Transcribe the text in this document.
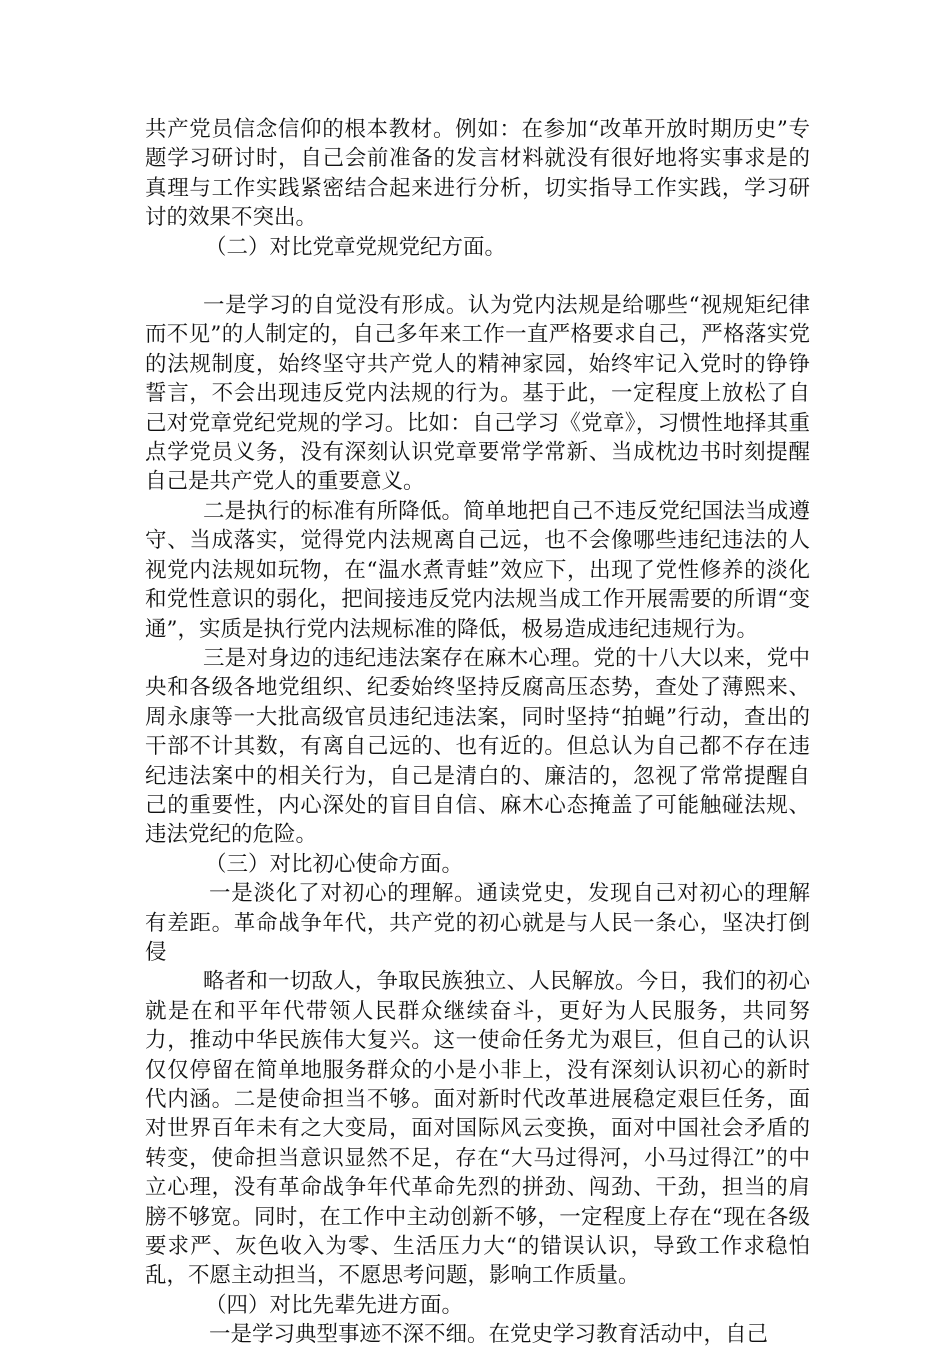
共产党员信念信仰的根本教材。例如：在参加“改革开放时期历史”专题学习研讨时，自己会前准备的发言材料就没有很好地将实事求是的真理与工作实践紧密结合起来进行分析，切实指导工作实践，学习研讨的效果不突出。

（二）对比党章党规党纪方面。

一是学习的自觉没有形成。认为党内法规是给哪些“视规矩纪律而不见”的人制定的，自己多年来工作一直严格要求自己，严格落实党的法规制度，始终坚守共产党人的精神家园，始终牢记入党时的铮铮誓言，不会出现违反党内法规的行为。基于此，一定程度上放松了自己对党章党纪党规的学习。比如：自己学习《党章》，习惯性地择其重点学党员义务，没有深刻认识党章要常学常新、当成枕边书时刻提醒自己是共产党人的重要意义。

二是执行的标准有所降低。简单地把自己不违反党纪国法当成遵守、当成落实，觉得党内法规离自己远，也不会像哪些违纪违法的人视党内法规如玩物，在“温水煮青蛙”效应下，出现了党性修养的淡化和党性意识的弱化，把间接违反党内法规当成工作开展需要的所谓“变通”，实质是执行党内法规标准的降低，极易造成违纪违规行为。

三是对身边的违纪违法案存在麻木心理。党的十八大以来，党中央和各级各地党组织、纪委始终坚持反腐高压态势，查处了薄熙来、周永康等一大批高级官员违纪违法案，同时坚持“拍蝇”行动，查出的干部不计其数，有离自己远的、也有近的。但总认为自己都不存在违纪违法案中的相关行为，自己是清白的、廉洁的，忽视了常常提醒自己的重要性，内心深处的盲目自信、麻木心态掩盖了可能触碰法规、违法党纪的危险。

（三）对比初心使命方面。

一是淡化了对初心的理解。通读党史，发现自己对初心的理解有差距。革命战争年代，共产党的初心就是与人民一条心，坚决打倒侵

略者和一切敌人，争取民族独立、人民解放。今日，我们的初心就是在和平年代带领人民群众继续奋斗，更好为人民服务，共同努力，推动中华民族伟大复兴。这一使命任务尤为艰巨，但自己的认识仅仅停留在简单地服务群众的小是小非上，没有深刻认识初心的新时代内涵。二是使命担当不够。面对新时代改革进展稳定艰巨任务，面对世界百年未有之大变局，面对国际风云变换，面对中国社会矛盾的转变，使命担当意识显然不足，存在“大马过得河，小马过得江”的中立心理，没有革命战争年代革命先烈的拼劲、闯劲、干劲，担当的肩膀不够宽。同时，在工作中主动创新不够，一定程度上存在“现在各级要求严、灰色收入为零、生活压力大“的错误认识，导致工作求稳怕乱，不愿主动担当，不愿思考问题，影响工作质量。

（四）对比先辈先进方面。

一是学习典型事迹不深不细。在党史学习教育活动中，自己
